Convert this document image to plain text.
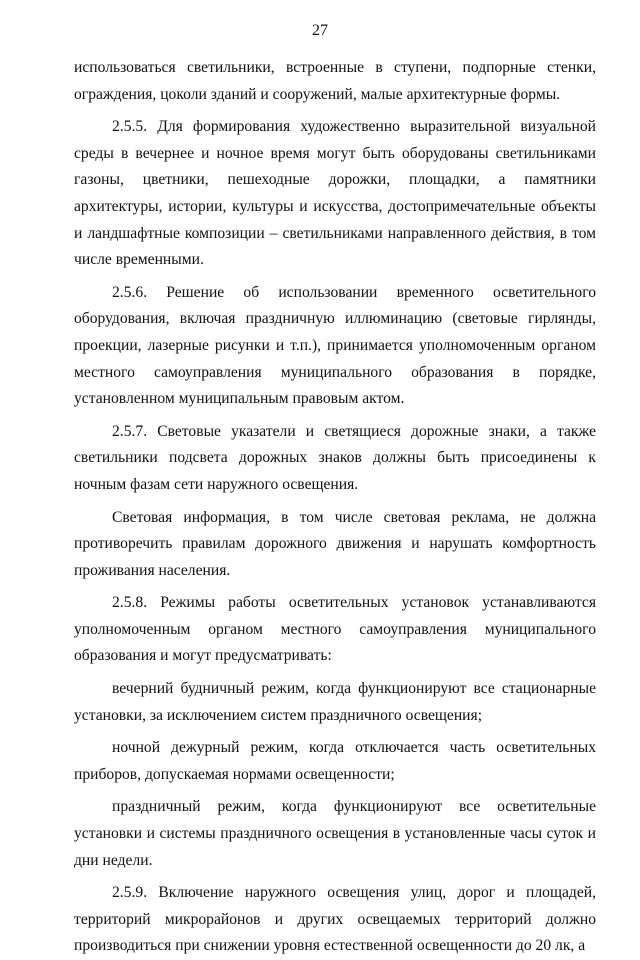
27

использоваться светильники, встроенные в ступени, подпорные стенки, ограждения, цоколи зданий и сооружений, малые архитектурные формы.

2.5.5. Для формирования художественно выразительной визуальной среды в вечернее и ночное время могут быть оборудованы светильниками газоны, цветники, пешеходные дорожки, площадки, а памятники архитектуры, истории, культуры и искусства, достопримечательные объекты и ландшафтные композиции – светильниками направленного действия, в том числе временными.

2.5.6. Решение об использовании временного осветительного оборудования, включая праздничную иллюминацию (световые гирлянды, проекции, лазерные рисунки и т.п.), принимается уполномоченным органом местного самоуправления муниципального образования в порядке, установленном муниципальным правовым актом.

2.5.7. Световые указатели и светящиеся дорожные знаки, а также светильники подсвета дорожных знаков должны быть присоединены к ночным фазам сети наружного освещения.

Световая информация, в том числе световая реклама, не должна противоречить правилам дорожного движения и нарушать комфортность проживания населения.

2.5.8. Режимы работы осветительных установок устанавливаются уполномоченным органом местного самоуправления муниципального образования и могут предусматривать:

вечерний будничный режим, когда функционируют все стационарные установки, за исключением систем праздничного освещения;

ночной дежурный режим, когда отключается часть осветительных приборов, допускаемая нормами освещенности;

праздничный режим, когда функционируют все осветительные установки и системы праздничного освещения в установленные часы суток и дни недели.

2.5.9. Включение наружного освещения улиц, дорог и площадей, территорий микрорайонов и других освещаемых территорий должно производиться при снижении уровня естественной освещенности до 20 лк, а
